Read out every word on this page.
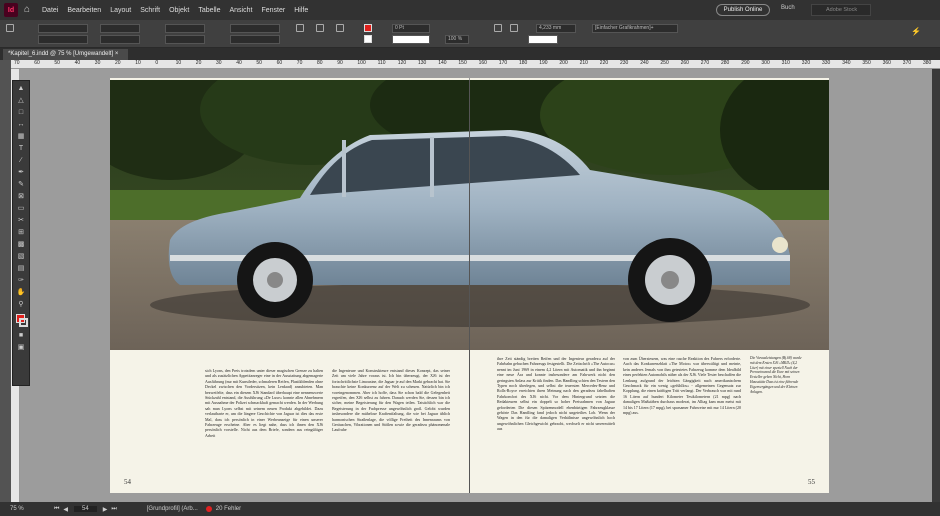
Id ⌂	Datei Bearbeiten Layout Schrift Objekt Tabelle Ansicht Fenster Hilfe	Publish Online	Buch	Adobe Stock
0 Pt
100 %
4,233 mm	[Einfacher Grafikrahmen]+	⚡
*Kapitel_6.indd @ 75 % [Umgewandelt] ×
70	60	50	40	30	20	10	0	10	20	30	40	50	60	70	80	90	100 110 120 130 140 150 160 170 180 190 200 210 220 230 240 250 260 270 280 290 300 310 320 330 340 350 360 370 380
sich Lyons, den Preis trotzdem unter dieser magischen Grenze zu halten und als zusätzlichen Appetitanreger eine in der Ausstattung abgemagerte Ausführung (nur mit Kunstleder, schmaleren Reifen, Plastikblenden ohne Deckel zwischen den Vordersitzen, kein Lenkrad) anzubieten. Man bezweifelte, dass ein diesem XJ6 Standard überhaupt eine nennenswerte Stückzahl entstand, die Ausführung »De Luxe« konnte allen Abnehmern mit Ausnahme der Polizei schmackhaft gemacht werden. In der Werbung sah man Lyons selbst mit seinem neuen Produkt abgebildet. Dazu verlautbarte er, um die längere Geschichte von Jaguar ist dies das erste Mal, dass ich persönlich in einer Werbeanzeige für einen unserer Fahrzeuge erscheine. Aber es liegt nahe, dass ich ihnen den XJ6 persönlich vorstelle. Nicht aus dem Briefe, sondern aus reingültiger Arbeit
die Ingenieure und Konstrukteure entstand dieses Konzept, das seiner Zeit um viele Jahre voraus ist. Ich bin überzeugt, der XJ6 ist der fortschrittlichste Limousine, die Jaguar je auf den Markt gebracht hat. Sie brauchte keine Konkurrenz auf der Welt zu scheuen. Natürlich bin ich voreingenommen. Aber ich hoffe, dass Sie schon bald die Gelegenheit ergreifen, den XJ6 selbst zu fahren. Danach werden Sie, dessen bin ich sicher, meine Begeisterung für den Wagen teilen. Tatsächlich war die Begeisterung in der Fachpresse ungewöhnlich groß. Gelobt wurden insbesondere die mühelose Kraftentfaltung, die wie bei Jaguar üblich harmonischen Straßenlage, die völlige Freiheit des Innenraums von Geräuschen, Vibrationen und Stößen sowie die geradezu phänomenale Laufruhe
ihre Zeit ständig breiten Reifen und der Ingenieur geradezu auf der Fahrbahn gebuchen Fahrzeugs festgestellt. Die Zeitschrift »The Autocar« nennt im Juni 1969 in einem 4,2 Litern mit Automatik und ihn beginnt eine neue Ära und konnte insbesondere am Fahrwerk nicht den geringsten Anlass zur Kritik finden. Das Handling schien den Testern den Typen noch überlegen, und selbst die teuersten Mercedes-Benz und Rolls-Royce erreichten ihren Meinung nach den geradezu fabelhaften Fahrkomfort des XJ6 nicht. Vor dem Hintergrund setzten die Redakteuren selbst ein doppelt so hoher Preisrahmen von Jaguar geforderten Die diesen Spitzenmodell ebenbürtigen Fahrzeugklasse gehörte Das Handling fand jedoch nicht ungeteiltes Lob. Wenn der Wagen in den für die damaligen Verhältnisse ungewöhnlich hoch ungewöhnlichen Gleichgewicht gebracht, wechselt er nicht unvermittelt aus
von zum Übersteuern, was eine rasche Reaktion des Fahrers erforderte. Auch das Konkurrenzblatt »The Motor« war überwältigt und meinte, kein anderes Jemals von ihm getestetes Fahrzeug komme dem Idealbild eines perfekten Automobils näher als der XJ6. Viele Tester beschaffen die Lenkung aufgrund der leichten Gängigkeit nach amerikanischem Geschmack für ein wenig »gefühllos« - allgemeinen Gegensatz zur Kopplung, die einen kräftigen Tritt verlangt. Der Verbrauch war mit rund 16 Litern auf hundert Kilometer Testkilometern (21 mpg) nach damaligen Maßstäben durchaus moderat, im Alltag kam man meist mit 14 bis 17 Litern (17 mpg), bei sparsamer Fahrweise mit nur 14 Litern (20 mpg) aus.
Die Vorausleistungen (Bj.68) wurde mit dem Ersten XJ6 »MKII« (4,2 Liter) mit einer speziell Nach der Prenoeinwand die Eure mit seinen Ersteller geben Nicht, Horn Hausstätte Dass ist eine führende Eigenvergängen und der Kleinen Anlagen.
54	55
▲
△
□
↔
▦
T
∕
✒
✎
⊠
▭
✂
⊞
▩
▧
▤
✑
✋
⚲
■
▣
75 %	⏮ ◀	54	▶ ⏭	[Grundprofil] (Arb...	20 Fehler
